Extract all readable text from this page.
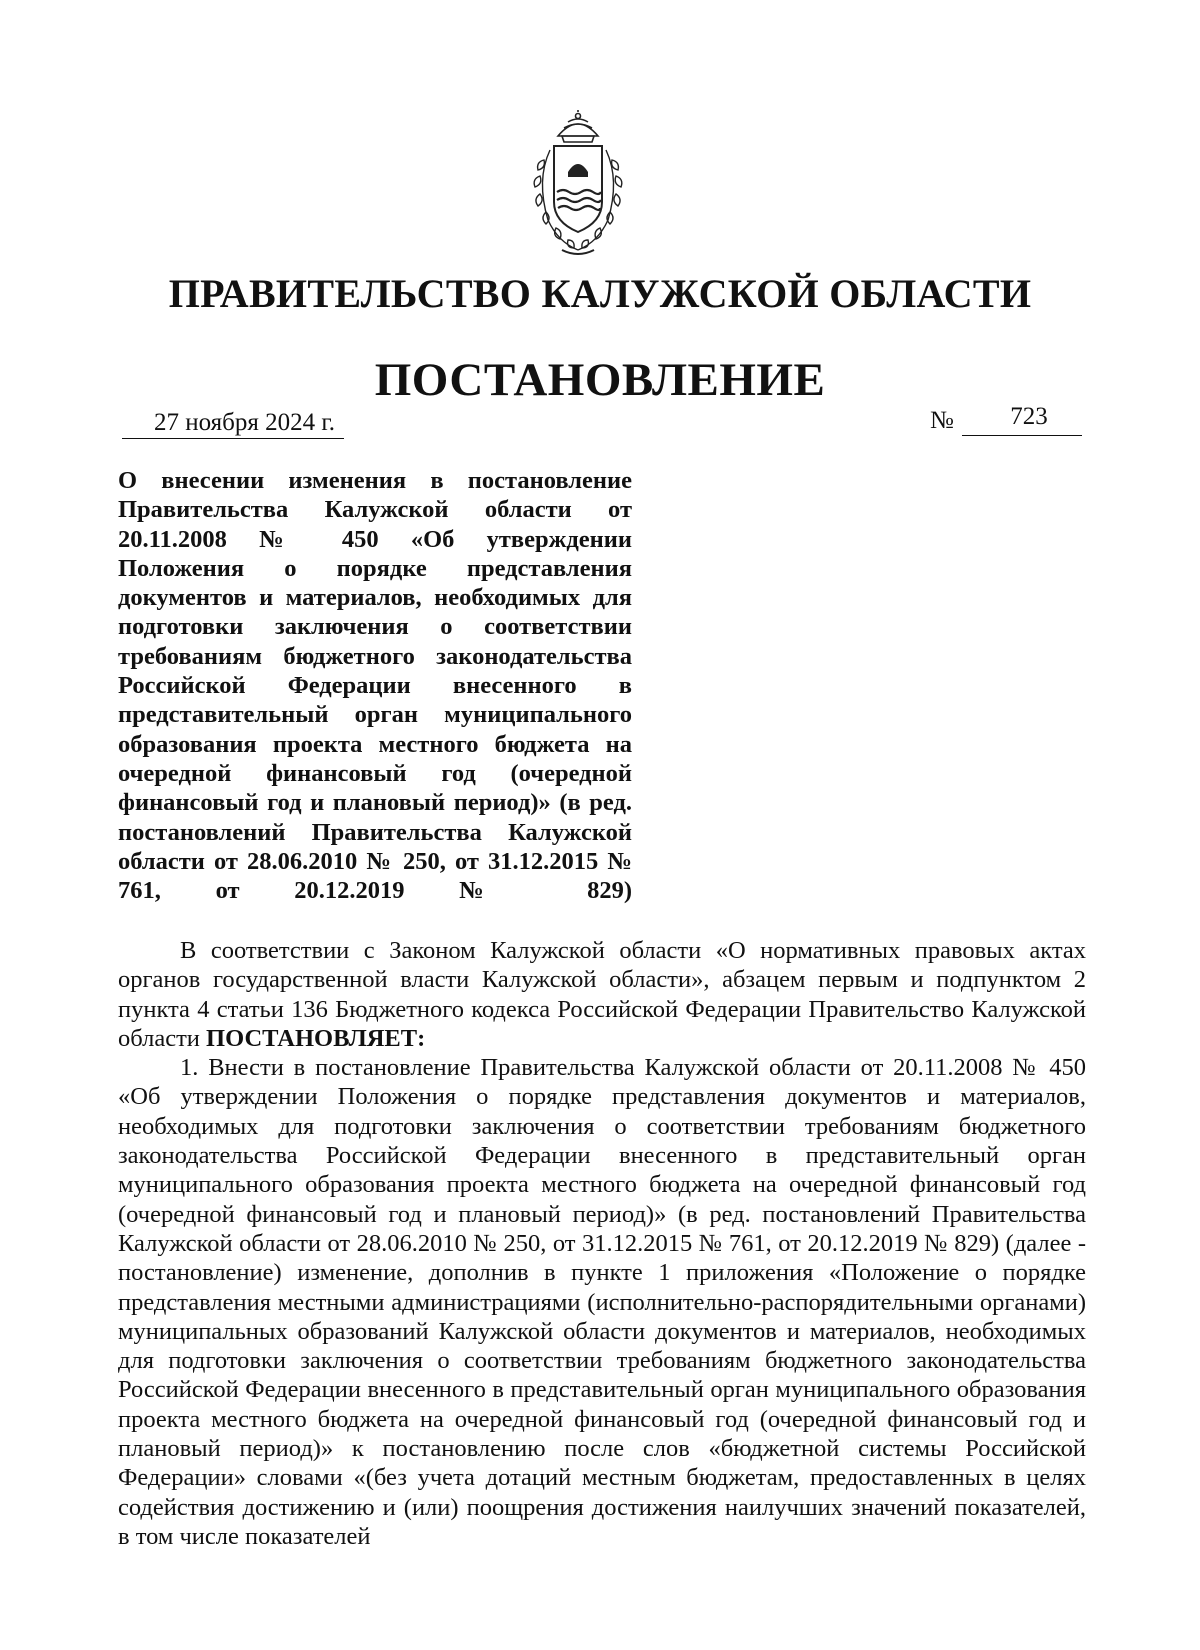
ПРАВИТЕЛЬСТВО КАЛУЖСКОЙ ОБЛАСТИ
ПОСТАНОВЛЕНИЕ
27 ноября 2024 г.	№	723

О внесении изменения в постановление Правительства Калужской области от 20.11.2008 № 450 «Об утверждении Положения о порядке представления документов и материалов, необходимых для подготовки заключения о соответствии требованиям бюджетного законодательства Российской Федерации внесенного в представительный орган муниципального образования проекта местного бюджета на очередной финансовый год (очередной финансовый год и плановый период)» (в ред. постановлений Правительства Калужской области от 28.06.2010 № 250, от 31.12.2015 № 761, от 20.12.2019 № 829)

В соответствии с Законом Калужской области «О нормативных правовых актах органов государственной власти Калужской области», абзацем первым и подпунктом 2 пункта 4 статьи 136 Бюджетного кодекса Российской Федерации Правительство Калужской области ПОСТАНОВЛЯЕТ:

1. Внести в постановление Правительства Калужской области от 20.11.2008 № 450 «Об утверждении Положения о порядке представления документов и материалов, необходимых для подготовки заключения о соответствии требованиям бюджетного законодательства Российской Федерации внесенного в представительный орган муниципального образования проекта местного бюджета на очередной финансовый год (очередной финансовый год и плановый период)» (в ред. постановлений Правительства Калужской области от 28.06.2010 № 250, от 31.12.2015 № 761, от 20.12.2019 № 829) (далее - постановление) изменение, дополнив в пункте 1 приложения «Положение о порядке представления местными администрациями (исполнительно-распорядительными органами) муниципальных образований Калужской области документов и материалов, необходимых для подготовки заключения о соответствии требованиям бюджетного законодательства Российской Федерации внесенного в представительный орган муниципального образования проекта местного бюджета на очередной финансовый год (очередной финансовый год и плановый период)» к постановлению после слов «бюджетной системы Российской Федерации» словами «(без учета дотаций местным бюджетам, предоставленных в целях содействия достижению и (или) поощрения достижения наилучших значений показателей, в том числе показателей
